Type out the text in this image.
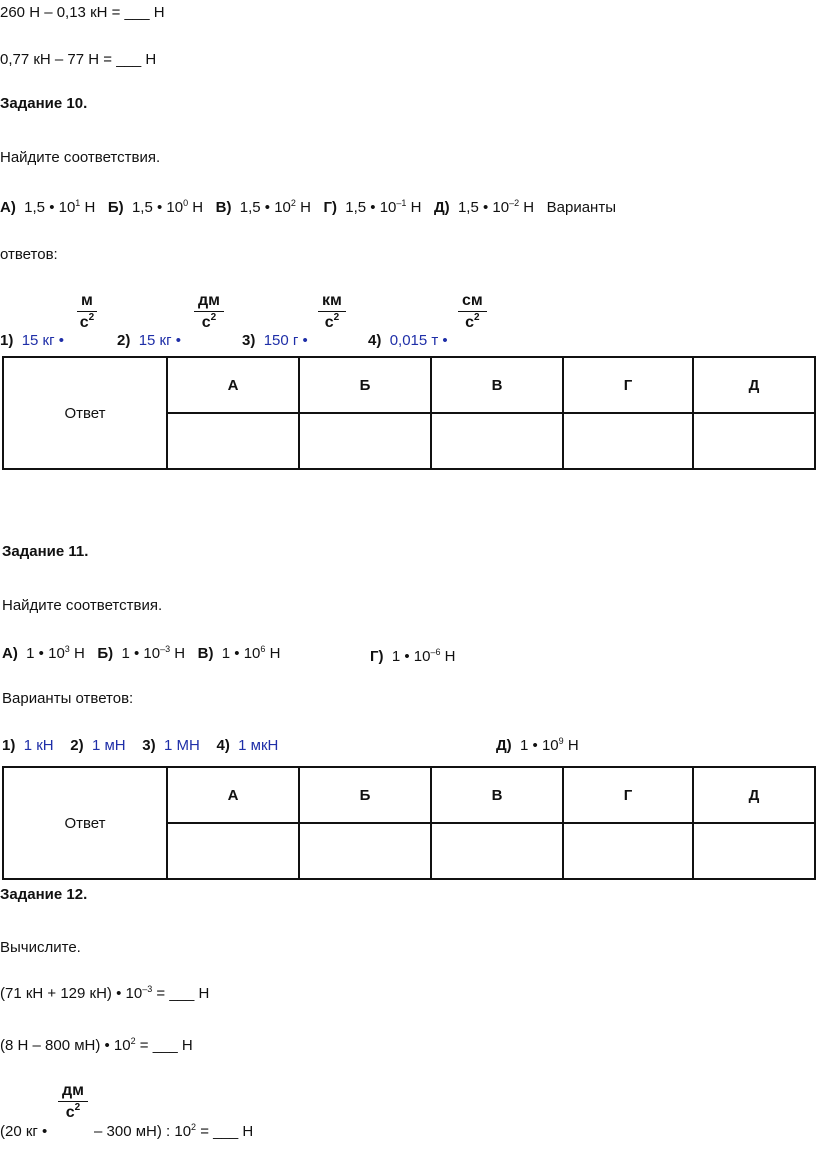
260 Н – 0,13 кН = ___ Н
0,77 кН – 77 Н = ___ Н
Задание 10.
Найдите соответствия.
А) 1,5 • $10^1$ Н Б) 1,5 • $10^0$ Н В) 1,5 • $10^2$ Н Г) 1,5 • $10^{-1}$ Н Д) 1,5 • $10^{-2}$ Н Варианты
ответов:
1) 15 кг •
м
$с^2$
2) 15 кг •
дм
$с^2$
3) 150 г •
км
$с^2$
4) 0,015 т •
см
$с^2$
Ответ	А	Б	В	Г	Д

Задание 11.
Найдите соответствия.
А) 1 • $10^3$ Н Б) 1 • $10^{-3}$ Н В) 1 • $10^6$ Н	Г) 1 • $10^{-6}$ Н
Варианты ответов:
1) 1 кН 2) 1 мН 3) 1 МН 4) 1 мкН	Д) 1 • $10^9$ Н
Ответ	А	Б	В	Г	Д

Задание 12.
Вычислите.
(71 кН + 129 кН) • $10^{-3}$ = ___ Н
(8 Н – 800 мН) • $10^2$ = ___ Н
(20 кг •
дм
$с^2$
– 300 мН) : $10^2$ = ___ Н
